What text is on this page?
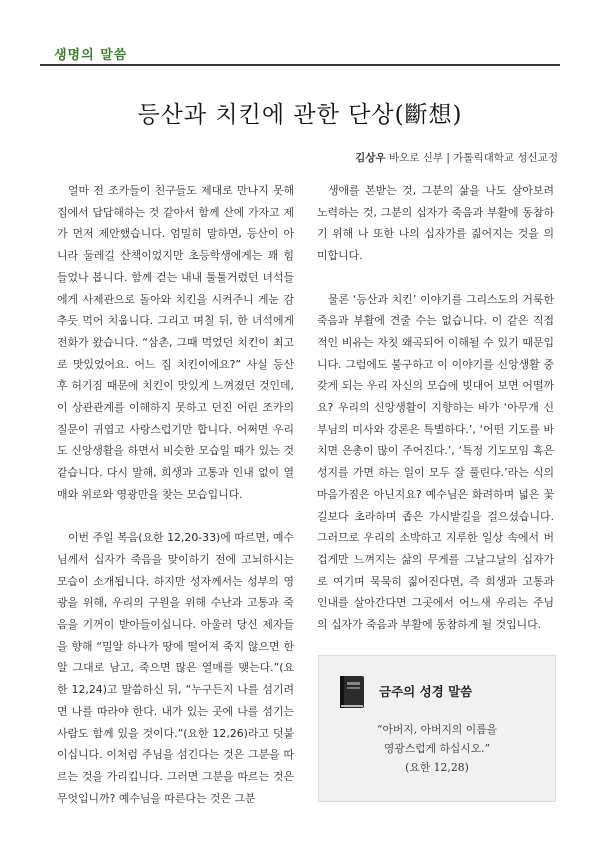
생명의 말씀
등산과 치킨에 관한 단상(斷想)
김상우 바오로 신부 | 가톨릭대학교 성신교정

얼마 전 조카들이 친구들도 제대로 만나지 못해 집에서 답답해하는 것 같아서 함께 산에 가자고 제가 먼저 제안했습니다. 엄밀히 말하면, 등산이 아니라 둘레길 산책이었지만 초등학생에게는 꽤 힘들었나 봅니다. 함께 걷는 내내 툴툴거렸던 녀석들에게 사제관으로 돌아와 치킨을 시켜주니 게눈 감추듯 먹어 치웁니다. 그리고 며칠 뒤, 한 녀석에게 전화가 왔습니다. “삼촌, 그때 먹었던 치킨이 최고로 맛있었어요. 어느 집 치킨이에요?” 사실 등산 후 허기짐 때문에 치킨이 맛있게 느껴졌던 것인데, 이 상관관계를 이해하지 못하고 던진 어린 조카의 질문이 귀엽고 사랑스럽기만 합니다. 어쩌면 우리도 신앙생활을 하면서 비슷한 모습일 때가 있는 것 같습니다. 다시 말해, 희생과 고통과 인내 없이 열매와 위로와 영광만을 찾는 모습입니다.

이번 주일 복음(요한 12,20-33)에 따르면, 예수님께서 십자가 죽음을 맞이하기 전에 고뇌하시는 모습이 소개됩니다. 하지만 성자께서는 성부의 영광을 위해, 우리의 구원을 위해 수난과 고통과 죽음을 기꺼이 받아들이십니다. 아울러 당신 제자들을 향해 “밀알 하나가 땅에 떨어져 죽지 않으면 한 알 그대로 남고, 죽으면 많은 열매를 맺는다.”(요한 12,24)고 말씀하신 뒤, “누구든지 나를 섬기려면 나를 따라야 한다. 내가 있는 곳에 나를 섬기는 사람도 함께 있을 것이다.”(요한 12,26)라고 덧붙이십니다. 이처럼 주님을 섬긴다는 것은 그분을 따르는 것을 가리킵니다. 그러면 그분을 따르는 것은 무엇입니까? 예수님을 따른다는 것은 그분

생애를 본받는 것, 그분의 삶을 나도 살아보려 노력하는 것, 그분의 십자가 죽음과 부활에 동참하기 위해 나 또한 나의 십자가를 짊어지는 것을 의미합니다.

물론 ‘등산과 치킨’ 이야기를 그리스도의 거룩한 죽음과 부활에 견줄 수는 없습니다. 이 같은 직접적인 비유는 자칫 왜곡되어 이해될 수 있기 때문입니다. 그럼에도 불구하고 이 이야기를 신앙생활 중 갖게 되는 우리 자신의 모습에 빗대어 보면 어떨까요? 우리의 신앙생활이 지향하는 바가 ‘아무개 신부님의 미사와 강론은 특별하다.’, ‘어떤 기도를 바치면 은총이 많이 주어진다.’, ‘특정 기도모임 혹은 성지를 가면 하는 일이 모두 잘 풀린다.’라는 식의 마음가짐은 아닌지요? 예수님은 화려하며 넓은 꽃길보다 초라하며 좁은 가시밭길을 걸으셨습니다. 그러므로 우리의 소박하고 지루한 일상 속에서 버겁게만 느껴지는 삶의 무게를 그날그날의 십자가로 여기며 묵묵히 짊어진다면, 즉 희생과 고통과 인내를 살아간다면 그곳에서 어느새 우리는 주님의 십자가 죽음과 부활에 동참하게 될 것입니다.

금주의 성경 말씀
“아버지, 아버지의 이름을
영광스럽게 하십시오.”
(요한 12,28)
